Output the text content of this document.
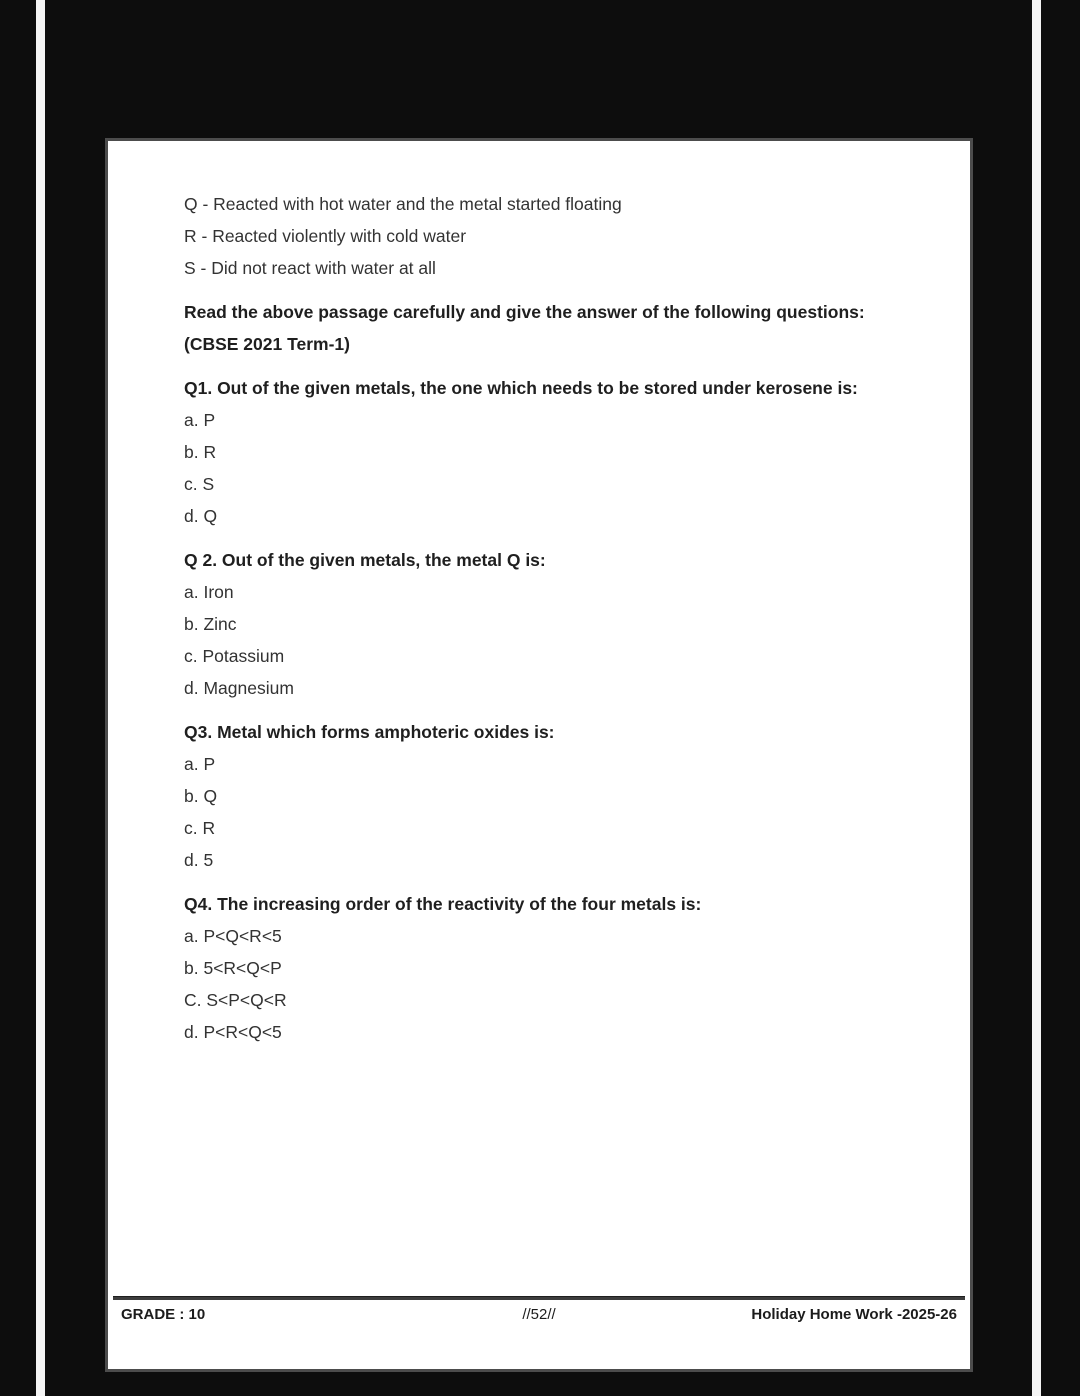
Q - Reacted with hot water and the metal started floating
R - Reacted violently with cold water
S - Did not react with water at all
Read the above passage carefully and give the answer of the following questions:
(CBSE 2021 Term-1)
Q1. Out of the given metals, the one which needs to be stored under kerosene is:
a. P
b. R
c. S
d. Q
Q 2. Out of the given metals, the metal Q is:
a. Iron
b. Zinc
c. Potassium
d. Magnesium
Q3. Metal which forms amphoteric oxides is:
a. P
b. Q
c. R
d. 5
Q4. The increasing order of the reactivity of the four metals is:
a. P<Q<R<5
b. 5<R<Q<P
C. S<P<Q<R
d. P<R<Q<5
GRADE : 10	//52//	Holiday Home Work -2025-26
